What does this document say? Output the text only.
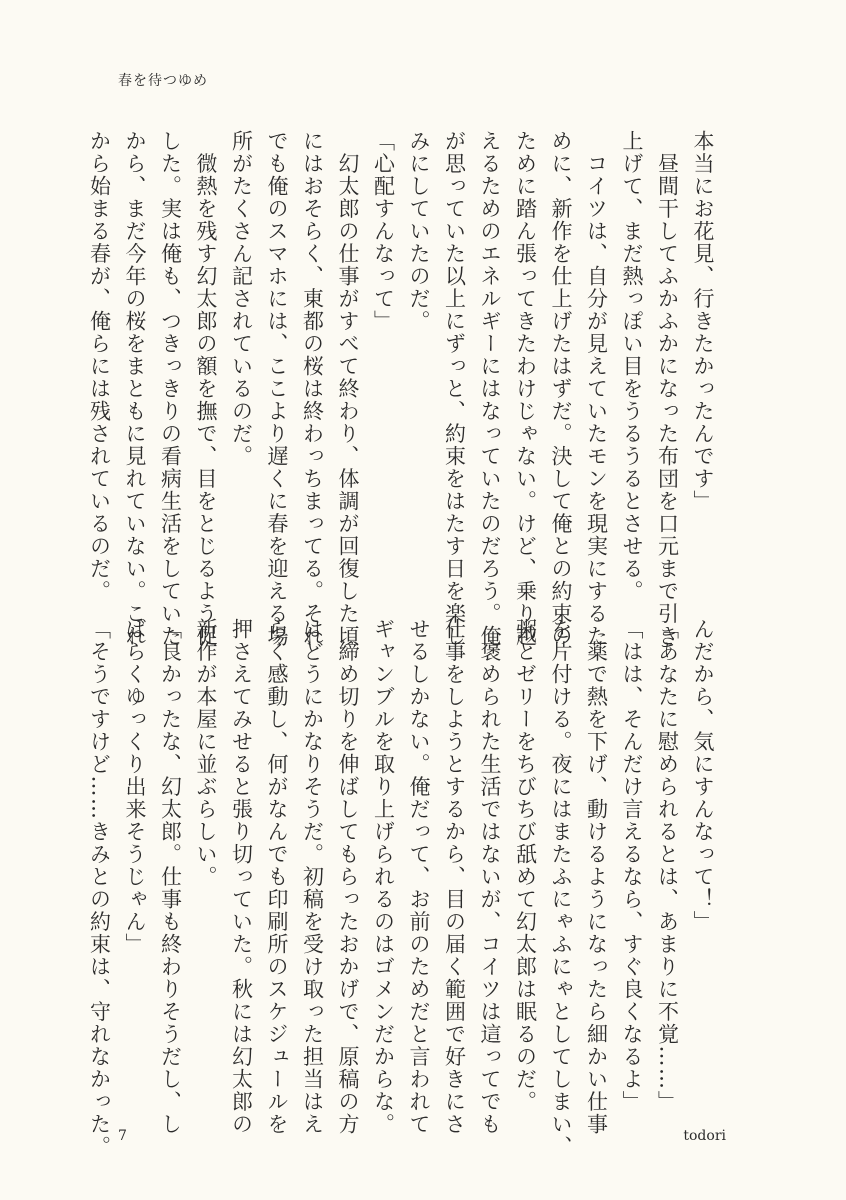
春を待つゆめ
本当にお花見、行きたかったんです」
　昼間干してふかふかになった布団を口元まで引き
上げて、まだ熱っぽい目をうるうるとさせる。
　コイツは、自分が見えていたモンを現実にするた
めに、新作を仕上げたはずだ。決して俺との約束の
ために踏ん張ってきたわけじゃない。けど、乗り越
えるためのエネルギーにはなっていたのだろう。俺
が思っていた以上にずっと、約束をはたす日を楽し
みにしていたのだ。
「心配すんなって」
　幻太郎の仕事がすべて終わり、体調が回復した頃
にはおそらく、東都の桜は終わっちまってる。それ
でも俺のスマホには、ここより遅くに春を迎える場
所がたくさん記されているのだ。
　微熱を残す幻太郎の額を撫で、目をとじるよう促
した。実は俺も、つきっきりの看病生活をしていた
から、まだ今年の桜をまともに見れていない。これ
から始まる春が、俺らには残されているのだ。
んだから、気にすんなって！」
「あなたに慰められるとは、あまりに不覚……」
「はは、そんだけ言えるなら、すぐ良くなるよ」
　薬で熱を下げ、動けるようになったら細かい仕事
を片付ける。夜にはまたふにゃふにゃとしてしまい、
粥とゼリーをちびちび舐めて幻太郎は眠るのだ。
　褒められた生活ではないが、コイツは這ってでも
仕事をしようとするから、目の届く範囲で好きにさ
せるしかない。俺だって、お前のためだと言われて
ギャンブルを取り上げられるのはゴメンだからな。
　締め切りを伸ばしてもらったおかげで、原稿の方
はどうにかなりそうだ。初稿を受け取った担当はえ
らく感動し、何がなんでも印刷所のスケジュールを
押さえてみせると張り切っていた。秋には幻太郎の
新作が本屋に並ぶらしい。
「良かったな、幻太郎。仕事も終わりそうだし、し
ばらくゆっくり出来そうじゃん」
「そうですけど……きみとの約束は、守れなかった。 7	todori
